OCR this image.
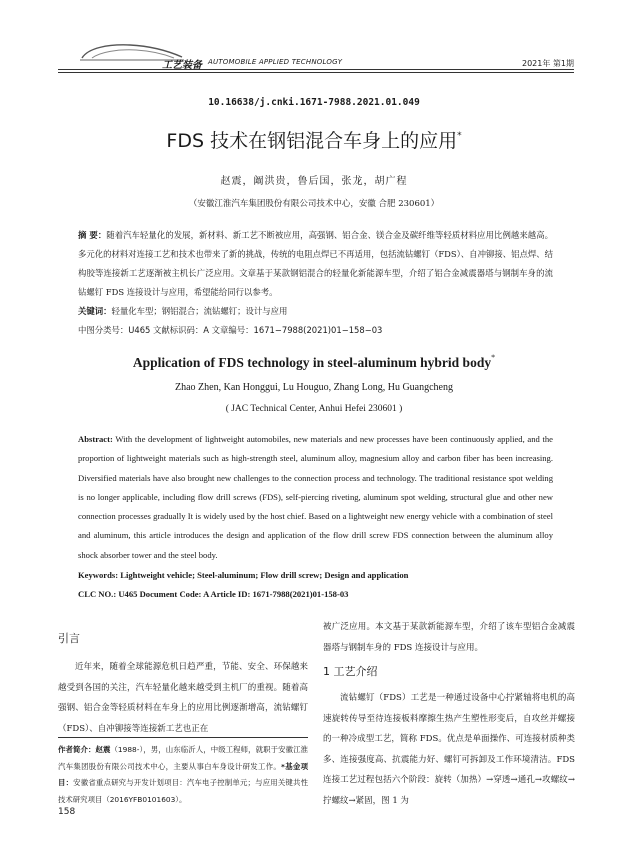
工艺装备 AUTOMOBILE APPLIED TECHNOLOGY	2021年 第1期
10.16638/j.cnki.1671-7988.2021.01.049
FDS 技术在钢铝混合车身上的应用*
赵震，阚洪贵，鲁后国，张龙，胡广程
（安徽江淮汽车集团股份有限公司技术中心，安徽 合肥 230601）
摘 要：随着汽车轻量化的发展，新材料、新工艺不断被应用，高强钢、铝合金、镁合金及碳纤维等轻质材料应用比例越来越高。多元化的材料对连接工艺和技术也带来了新的挑战，传统的电阻点焊已不再适用，包括流钻螺钉（FDS）、自冲铆接、铝点焊、结构胶等连接新工艺逐渐被主机长广泛应用。文章基于某款钢铝混合的轻量化新能源车型，介绍了铝合金减震器塔与钢制车身的流钻螺钉 FDS 连接设计与应用，希望能给同行以参考。
关键词：轻量化车型；钢铝混合；流钻螺钉；设计与应用
中图分类号：U465 文献标识码：A 文章编号：1671−7988(2021)01−158−03
Application of FDS technology in steel-aluminum hybrid body*
Zhao Zhen, Kan Honggui, Lu Houguo, Zhang Long, Hu Guangcheng
( JAC Technical Center, Anhui Hefei 230601 )
Abstract: With the development of lightweight automobiles, new materials and new processes have been continuously applied, and the proportion of lightweight materials such as high-strength steel, aluminum alloy, magnesium alloy and carbon fiber has been increasing. Diversified materials have also brought new challenges to the connection process and technology. The traditional resistance spot welding is no longer applicable, including flow drill screws (FDS), self-piercing riveting, aluminum spot welding, structural glue and other new connection processes gradually It is widely used by the host chief. Based on a lightweight new energy vehicle with a combination of steel and aluminum, this article introduces the design and application of the flow drill screw FDS connection between the aluminum alloy shock absorber tower and the steel body.
Keywords: Lightweight vehicle; Steel-aluminum; Flow drill screw; Design and application
CLC NO.: U465 Document Code: A Article ID: 1671-7988(2021)01-158-03
引言
近年来，随着全球能源危机日趋严重，节能、安全、环保越来越受到各国的关注，汽车轻量化越来越受到主机厂的重视。随着高强钢、铝合金等轻质材料在车身上的应用比例逐渐增高，流钻螺钉（FDS）、自冲铆接等连接新工艺也正在
被广泛应用。本文基于某款新能源车型，介绍了该车型铝合金减震器塔与钢制车身的 FDS 连接设计与应用。
1 工艺介绍
流钻螺钉（FDS）工艺是一种通过设备中心拧紧轴将电机的高速旋转传导至待连接板料摩擦生热产生塑性形变后，自攻丝并螺接的一种冷成型工艺，简称 FDS。优点是单面操作、可连接材质种类多、连接强度高、抗震能力好、螺钉可拆卸及工作环境清洁。FDS 连接工艺过程包括六个阶段：旋转（加热）→穿透→通孔→攻螺纹→拧螺纹→紧固，图 1 为
作者简介：赵震（1988-），男，山东临沂人，中级工程师，就职于安徽江淮汽车集团股份有限公司技术中心，主要从事白车身设计研发工作。*基金项目：安徽省重点研究与开发计划项目：汽车电子控制单元；与应用关键共性技术研究项目（2016YFB0101603）。
158
